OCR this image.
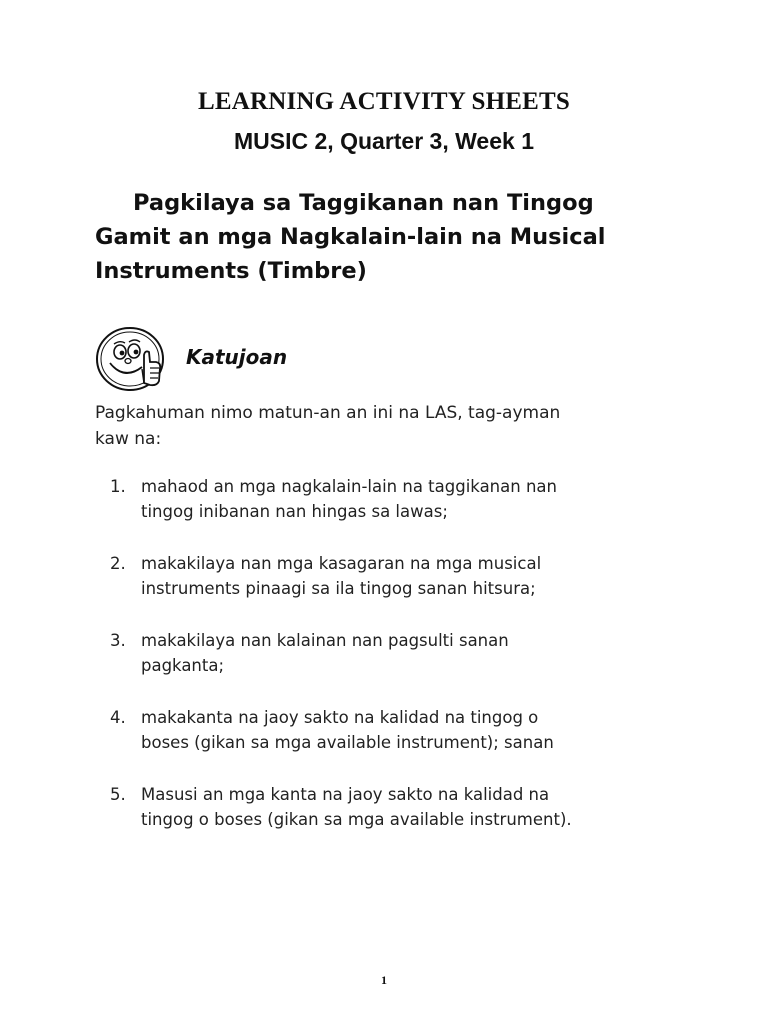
LEARNING ACTIVITY SHEETS
MUSIC 2, Quarter 3, Week 1
Pagkilaya sa Taggikanan nan Tingog
Gamit an mga Nagkalain-lain na Musical
Instruments (Timbre)
Katujoan
Pagkahuman nimo matun-an an ini na LAS, tag-ayman
kaw na:
1. mahaod an mga nagkalain-lain na taggikanan nan
tingog inibanan nan hingas sa lawas;
2. makakilaya nan mga kasagaran na mga musical
instruments pinaagi sa ila tingog sanan hitsura;
3. makakilaya nan kalainan nan pagsulti sanan
pagkanta;
4. makakanta na jaoy sakto na kalidad na tingog o
boses (gikan sa mga available instrument); sanan
5. Masusi an mga kanta na jaoy sakto na kalidad na
tingog o boses (gikan sa mga available instrument).
1
